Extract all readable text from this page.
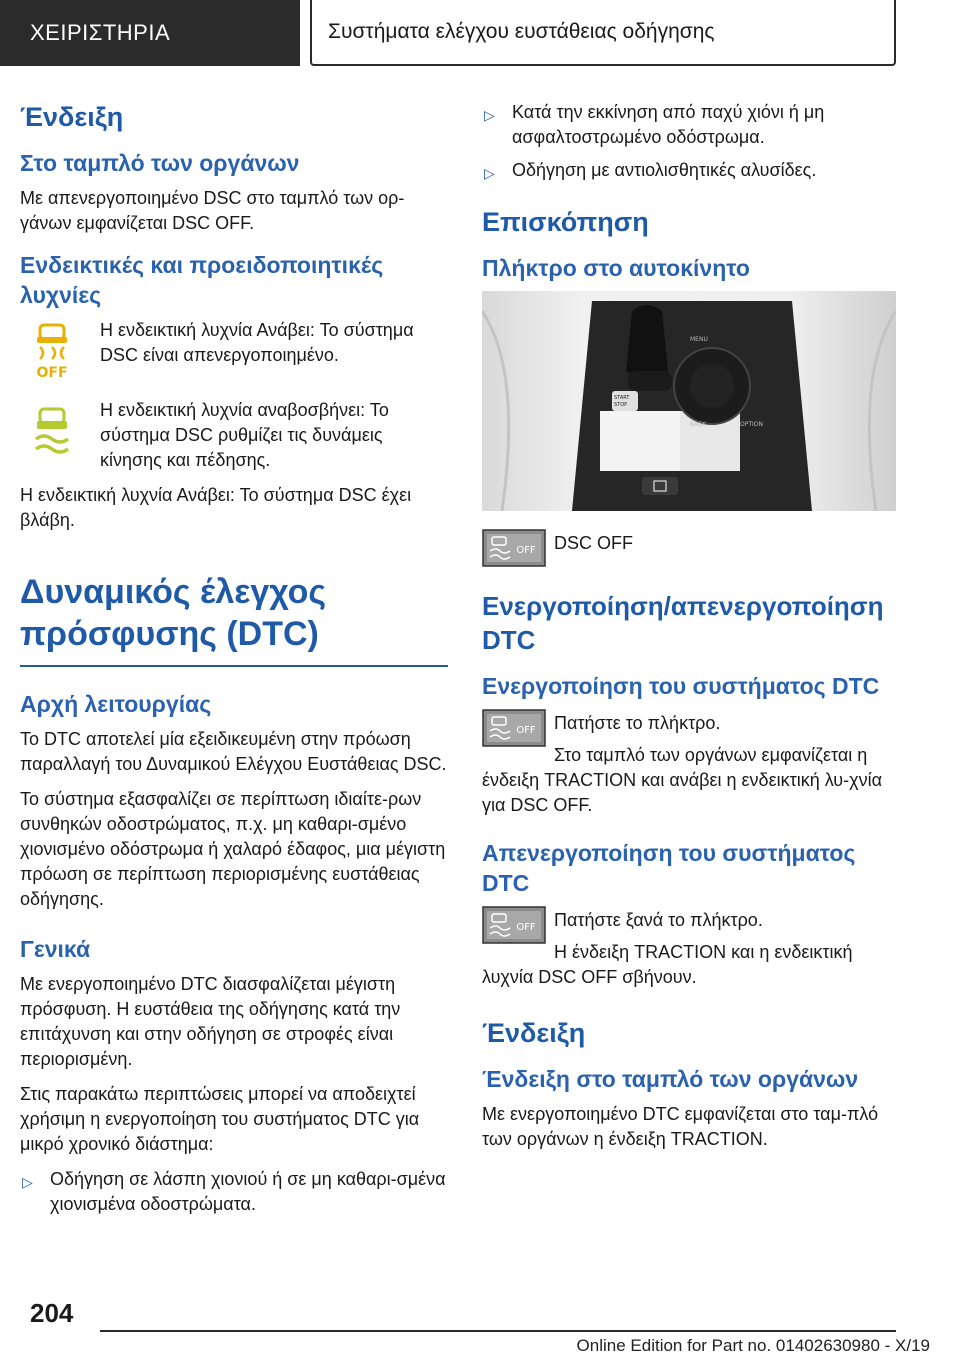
ΧΕΙΡΙΣΤΗΡΙΑ	Συστήματα ελέγχου ευστάθειας οδήγησης
Ένδειξη
Στο ταμπλό των οργάνων

Με απενεργοποιημένο DSC στο ταμπλό των ορ-γάνων εμφανίζεται DSC OFF.

Ενδεικτικές και προειδοποιητικές λυχνίες
OFF
Η ενδεικτική λυχνία Ανάβει: Το σύστημα DSC είναι απενεργοποιημένο.
Η ενδεικτική λυχνία αναβοσβήνει: Το σύστημα DSC ρυθμίζει τις δυνάμεις κίνησης και πέδησης.

Η ενδεικτική λυχνία Ανάβει: Το σύστημα DSC έχει βλάβη.

Δυναμικός έλεγχος πρόσφυσης (DTC)
Αρχή λειτουργίας

Το DTC αποτελεί μία εξειδικευμένη στην πρόωση παραλλαγή του Δυναμικού Ελέγχου Ευστάθειας DSC.

Το σύστημα εξασφαλίζει σε περίπτωση ιδιαίτε-ρων συνθηκών οδοστρώματος, π.χ. μη καθαρι-σμένο χιονισμένο οδόστρωμα ή χαλαρό έδαφος, μια μέγιστη πρόωση σε περίπτωση περιορισμένης ευστάθειας οδήγησης.

Γενικά

Με ενεργοποιημένο DTC διασφαλίζεται μέγιστη πρόσφυση. Η ευστάθεια της οδήγησης κατά την επιτάχυνση και στην οδήγηση σε στροφές είναι περιορισμένη.

Στις παρακάτω περιπτώσεις μπορεί να αποδειχτεί χρήσιμη η ενεργοποίηση του συστήματος DTC για μικρό χρονικό διάστημα:

▷ Οδήγηση σε λάσπη χιονιού ή σε μη καθαρι-σμένα χιονισμένα οδοστρώματα.
▷ Κατά την εκκίνηση από παχύ χιόνι ή μη ασφαλτοστρωμένο οδόστρωμα.
▷ Οδήγηση με αντιολισθητικές αλυσίδες.
Επισκόπηση
Πλήκτρο στο αυτοκίνητο
MENU
BACK	OPTION
START
STOP
OFF DSC OFF
Ενεργοποίηση/απενεργοποίηση DTC
Ενεργοποίηση του συστήματος DTC
OFF Πατήστε το πλήκτρο.

Στο ταμπλό των οργάνων εμφανίζεται η ένδειξη TRACTION και ανάβει η ενδεικτική λυ-χνία για DSC OFF.

Απενεργοποίηση του συστήματος DTC
OFF Πατήστε ξανά το πλήκτρο.

Η ένδειξη TRACTION και η ενδεικτική λυχνία DSC OFF σβήνουν.

Ένδειξη
Ένδειξη στο ταμπλό των οργάνων

Με ενεργοποιημένο DTC εμφανίζεται στο ταμ-πλό των οργάνων η ένδειξη TRACTION.

204
Online Edition for Part no. 01402630980 - X/19
